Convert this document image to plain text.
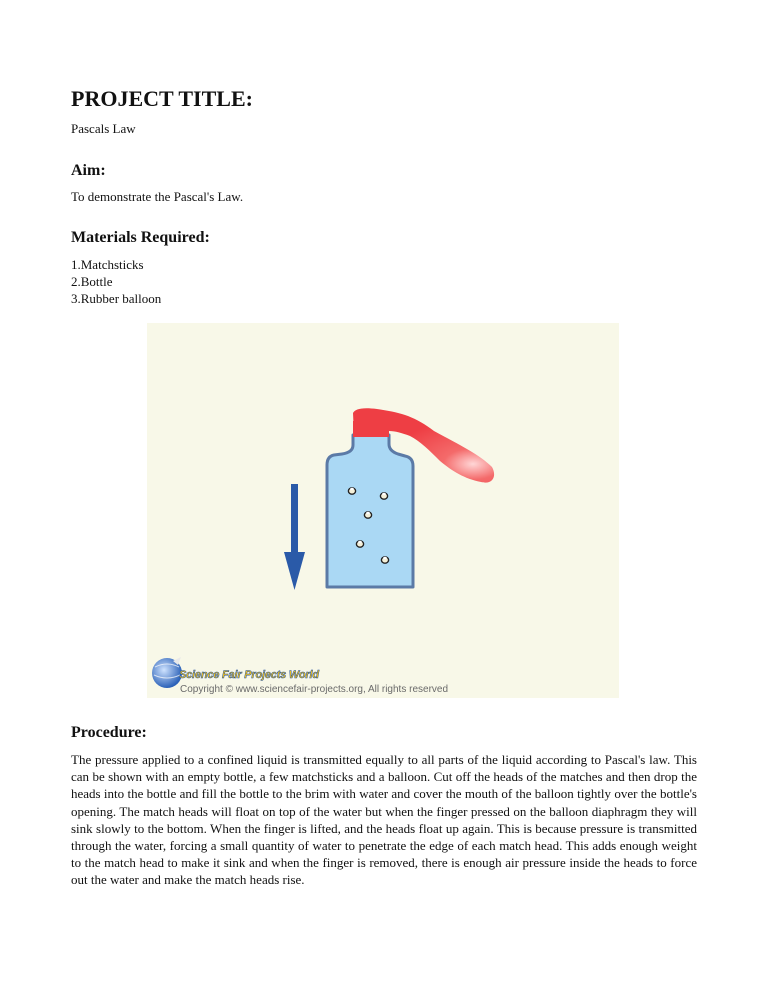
PROJECT TITLE:

Pascals Law

Aim:

To demonstrate the Pascal's Law.

Materials Required:
1.Matchsticks
2.Bottle
3.Rubber balloon
Procedure:

The pressure applied to a confined liquid is transmitted equally to all parts of the liquid according to Pascal's law. This can be shown with an empty bottle, a few matchsticks and a balloon. Cut off the heads of the matches and then drop the heads into the bottle and fill the bottle to the brim with water and cover the mouth of the balloon tightly over the bottle's opening. The match heads will float on top of the water but when the finger pressed on the balloon diaphragm they will sink slowly to the bottom. When the finger is lifted, and the heads float up again. This is because pressure is transmitted through the water, forcing a small quantity of water to penetrate the edge of each match head. This adds enough weight to the match head to make it sink and when the finger is removed, there is enough air pressure inside the heads to force out the water and make the match heads rise.

Science Fair Projects World
Copyright © www.sciencefair-projects.org, All rights reserved
